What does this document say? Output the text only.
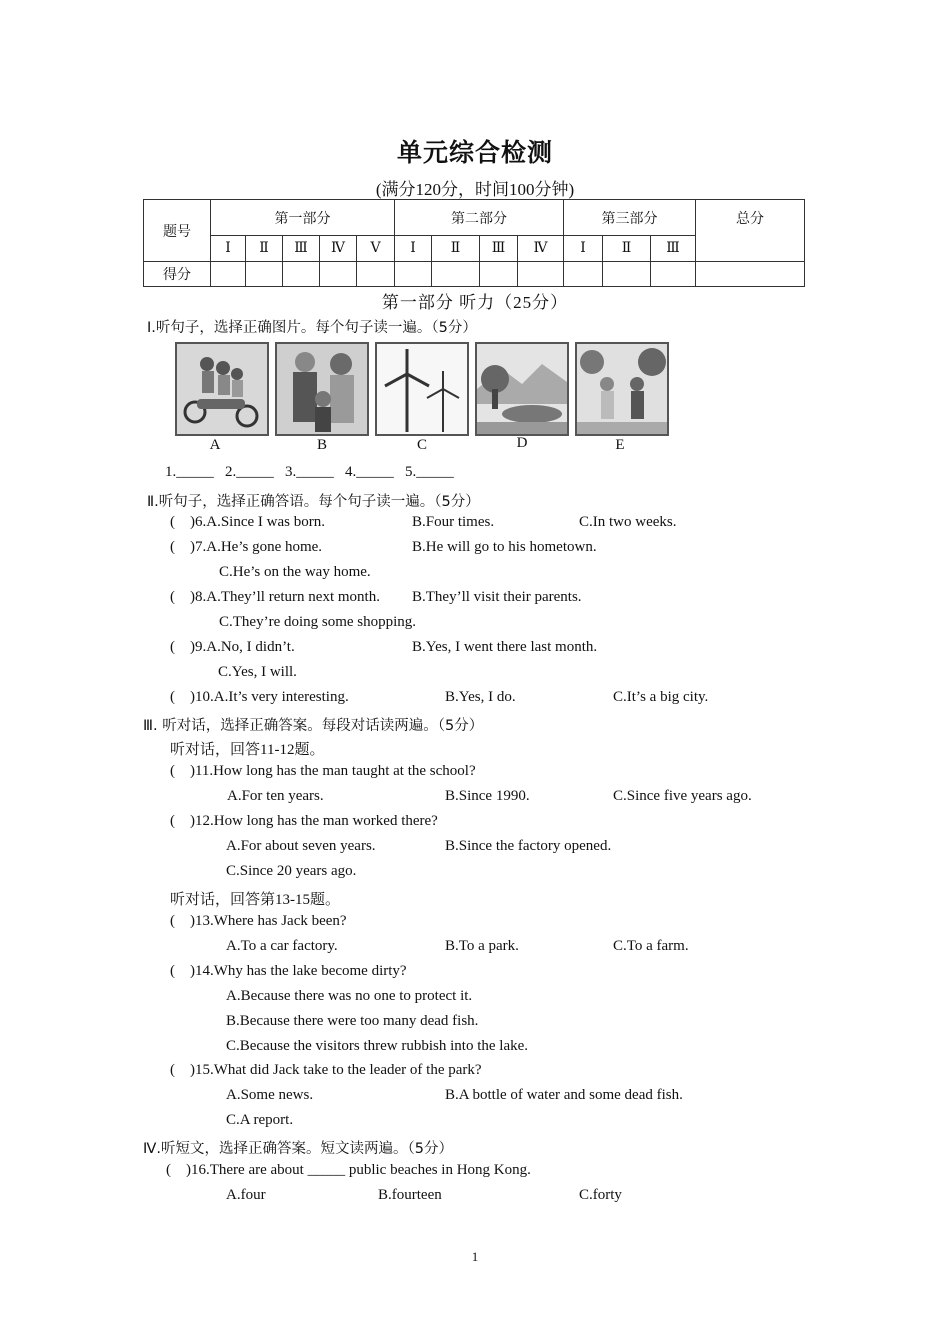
单元综合检测
(满分120分，时间100分钟)
题号	第一部分					第二部分				第三部分			总分
	Ⅰ	Ⅱ	Ⅲ	Ⅳ	Ⅴ	Ⅰ	Ⅱ	Ⅲ	Ⅳ	Ⅰ	Ⅱ	Ⅲ	
得分													
第一部分 听力（25分）
Ⅰ.听句子，选择正确图片。每个句子读一遍。（5分）
A	B	C	D	E
1._____   2._____   3._____   4._____   5._____
Ⅱ.听句子，选择正确答语。每个句子读一遍。（5分）
(    )6.A.Since I was born.	B.Four times.	C.In two weeks.
(    )7.A.He’s gone home.	B.He will go to his hometown.
C.He’s on the way home.
(    )8.A.They’ll return next month. B.They’ll visit their parents.
C.They’re doing some shopping.
(    )9.A.No, I didn’t.	B.Yes, I went there last month.
C.Yes, I will.
(    )10.A.It’s very interesting.	B.Yes, I do.	C.It’s a big city.
Ⅲ. 听对话，选择正确答案。每段对话读两遍。（5分）
听对话，回答11-12题。
(    )11.How long has the man taught at the school?
A.For ten years.	B.Since 1990.	C.Since five years ago.
(    )12.How long has the man worked there?
A.For about seven years.	B.Since the factory opened.
C.Since 20 years ago.
听对话，回答第13-15题。
(    )13.Where has Jack been?
A.To a car factory.	B.To a park.	C.To a farm.
(    )14.Why has the lake become dirty?
A.Because there was no one to protect it.
B.Because there were too many dead fish.
C.Because the visitors threw rubbish into the lake.
(    )15.What did Jack take to the leader of the park?
A.Some news.	B.A bottle of water and some dead fish.
C.A report.
Ⅳ.听短文，选择正确答案。短文读两遍。（5分）
(    )16.There are about _____ public beaches in Hong Kong.
A.four	B.fourteen	C.forty
1
